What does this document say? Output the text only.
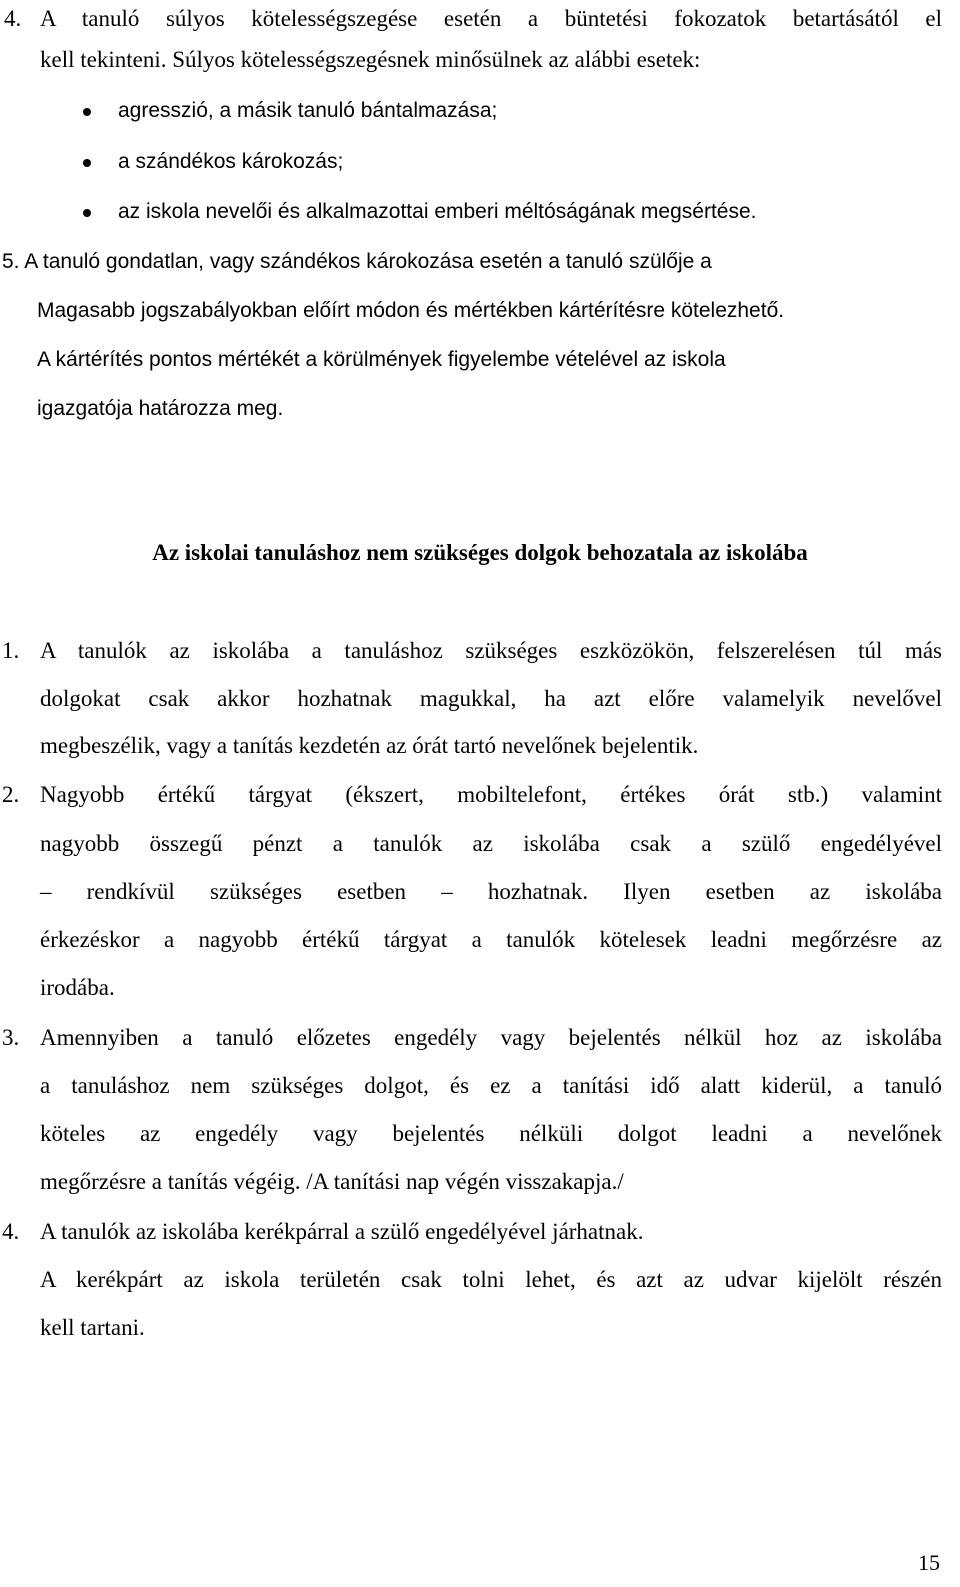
4. A tanuló súlyos kötelességszegése esetén a büntetési fokozatok betartásától el
kell tekinteni. Súlyos kötelességszegésnek minősülnek az alábbi esetek:
agresszió, a másik tanuló bántalmazása;
a szándékos károkozás;
az iskola nevelői és alkalmazottai emberi méltóságának megsértése.
5. A tanuló gondatlan, vagy szándékos károkozása esetén a tanuló szülője a
Magasabb jogszabályokban előírt módon és mértékben kártérítésre kötelezhető.
A kártérítés pontos mértékét a körülmények figyelembe vételével az iskola
igazgatója határozza meg.
Az iskolai tanuláshoz nem szükséges dolgok behozatala az iskolába
1. A tanulók az iskolába a tanuláshoz szükséges eszközökön, felszerelésen túl más
dolgokat csak akkor hozhatnak magukkal, ha azt előre valamelyik nevelővel
megbeszélik, vagy a tanítás kezdetén az órát tartó nevelőnek bejelentik.
2. Nagyobb értékű tárgyat (ékszert, mobiltelefont, értékes órát stb.) valamint
nagyobb összegű pénzt a tanulók az iskolába csak a szülő engedélyével
– rendkívül szükséges esetben – hozhatnak. Ilyen esetben az iskolába
érkezéskor a nagyobb értékű tárgyat a tanulók kötelesek leadni megőrzésre az
irodába.
3. Amennyiben a tanuló előzetes engedély vagy bejelentés nélkül hoz az iskolába
a tanuláshoz nem szükséges dolgot, és ez a tanítási idő alatt kiderül, a tanuló
köteles az engedély vagy bejelentés nélküli dolgot leadni a nevelőnek
megőrzésre a tanítás végéig. /A tanítási nap végén visszakapja./
4. A tanulók az iskolába kerékpárral a szülő engedélyével járhatnak.
A kerékpárt az iskola területén csak tolni lehet, és azt az udvar kijelölt részén
kell tartani.
15
